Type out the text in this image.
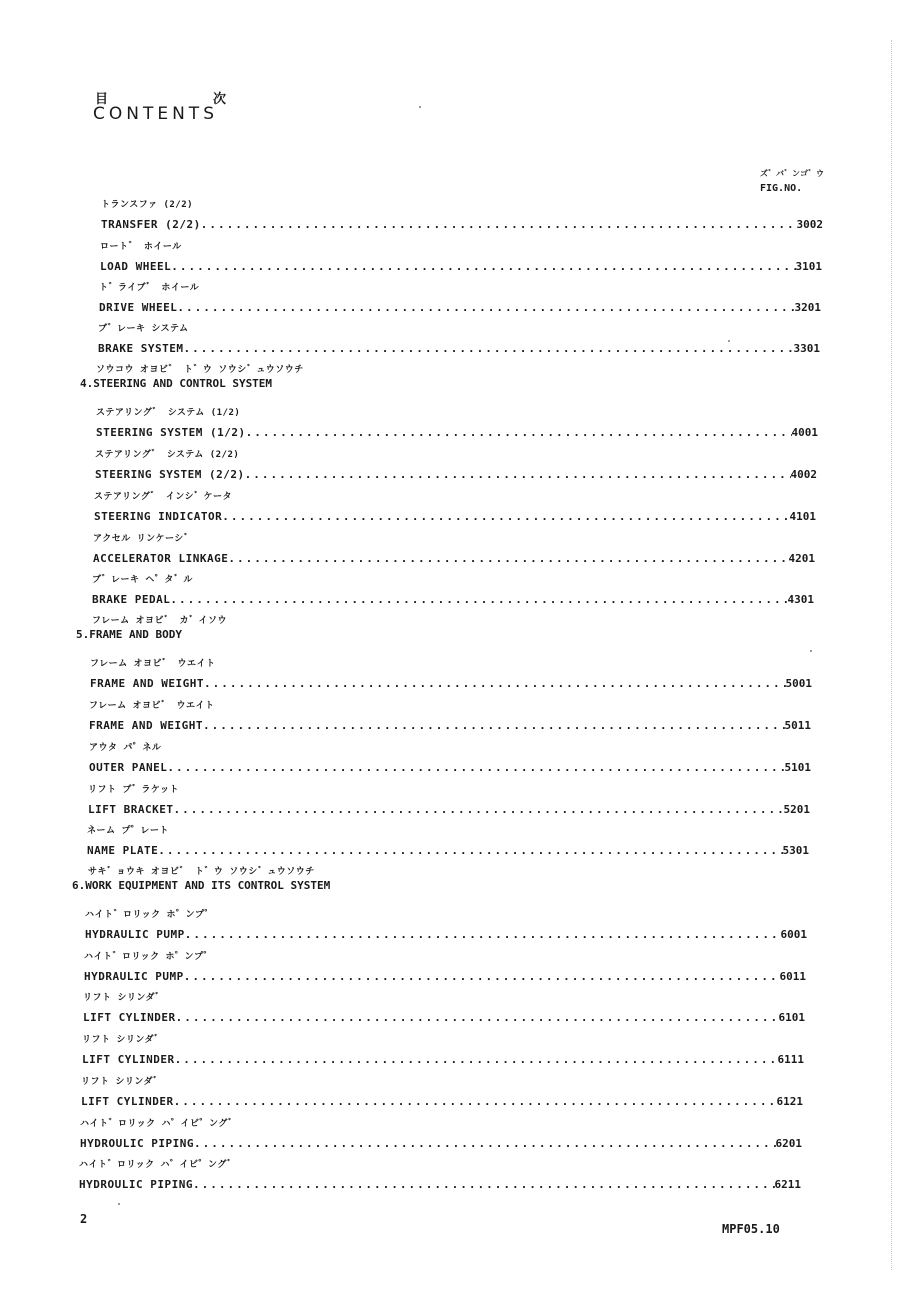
目	次
CONTENTS
ズ゛バ゛ンゴ゛ウ
FIG.NO.
トランスファ (2/2)
TRANSFER (2/2) .....	3002
ロート゛ ホイール
LOAD WHEEL .....	3101
ト゛ライブ゛ ホイール
DRIVE WHEEL .....	3201
ブ゛レーキ システム
BRAKE SYSTEM .....	3301
ソウコウ オヨビ゛ ト゛ウ ソウシ゛ュウソウチ
4.STEERING AND CONTROL SYSTEM
ステアリング゛ システム (1/2)
STEERING SYSTEM (1/2) .....	4001
ステアリング゛ システム (2/2)
STEERING SYSTEM (2/2) .....	4002
ステアリング゛ インシ゛ケータ
STEERING INDICATOR .....	4101
アクセル リンケーシ゛
ACCELERATOR LINKAGE .....	4201
ブ゛レーキ ヘ゜タ゛ル
BRAKE PEDAL .....	4301
フレーム オヨビ゛ カ゛イソウ
5.FRAME AND BODY
フレーム オヨビ゛ ウエイト
FRAME AND WEIGHT .....	5001
フレーム オヨビ゛ ウエイト
FRAME AND WEIGHT .....	5011
アウタ パ゜ネル
OUTER PANEL .....	5101
リフト ブ゛ラケット
LIFT BRACKET .....	5201
ネーム プ゜レート
NAME PLATE .....	5301
サキ゛ョウキ オヨビ゛ ト゛ウ ソウシ゛ュウソウチ
6.WORK EQUIPMENT AND ITS CONTROL SYSTEM
ハイト゛ロリック ホ゜ンプ゜
HYDRAULIC PUMP .....	6001
ハイト゛ロリック ホ゜ンプ゜
HYDRAULIC PUMP .....	6011
リフト シリンダ゛
LIFT CYLINDER .....	6101
リフト シリンダ゛
LIFT CYLINDER .....	6111
リフト シリンダ゛
LIFT CYLINDER .....	6121
ハイト゛ロリック ハ゜イビ゜ング゛
HYDROULIC PIPING .....	6201
ハイト゛ロリック ハ゜イビ゜ング゛
HYDROULIC PIPING .....	6211
2
MPF05.10
